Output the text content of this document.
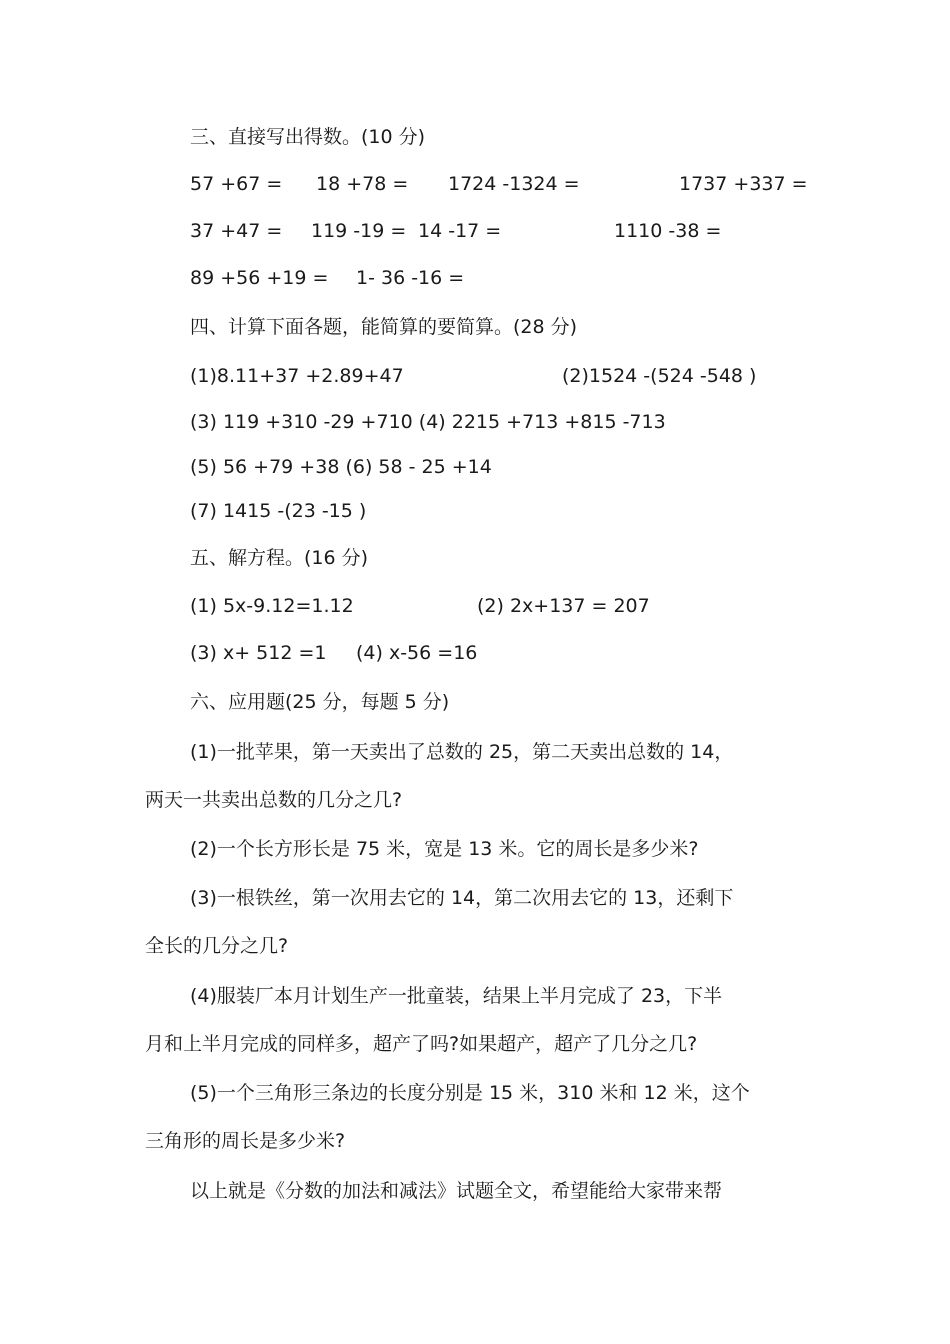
三、直接写出得数。(10 分)
57 +67 = 18 +78 = 1724 -1324 =	1737 +337 =
37 +47 = 119 -19 = 14 -17 =	1110 -38 =
89 +56 +19 = 1- 36 -16 =
四、计算下面各题，能简算的要简算。(28 分)
(1)8.11+37 +2.89+47	(2)1524 -(524 -548 )
(3) 119 +310 -29 +710 (4) 2215 +713 +815 -713
(5) 56 +79 +38 (6) 58 - 25 +14
(7) 1415 -(23 -15 )
五、解方程。(16 分)
(1) 5x-9.12=1.12	(2) 2x+137 = 207
(3) x+ 512 =1 (4) x-56 =16
六、应用题(25 分，每题 5 分)
(1)一批苹果，第一天卖出了总数的 25，第二天卖出总数的 14，
两天一共卖出总数的几分之几?
(2)一个长方形长是 75 米，宽是 13 米。它的周长是多少米?
(3)一根铁丝，第一次用去它的 14，第二次用去它的 13，还剩下
全长的几分之几?
(4)服装厂本月计划生产一批童装，结果上半月完成了 23，下半
月和上半月完成的同样多，超产了吗?如果超产，超产了几分之几?
(5)一个三角形三条边的长度分别是 15 米，310 米和 12 米，这个
三角形的周长是多少米?
以上就是《分数的加法和减法》试题全文，希望能给大家带来帮
